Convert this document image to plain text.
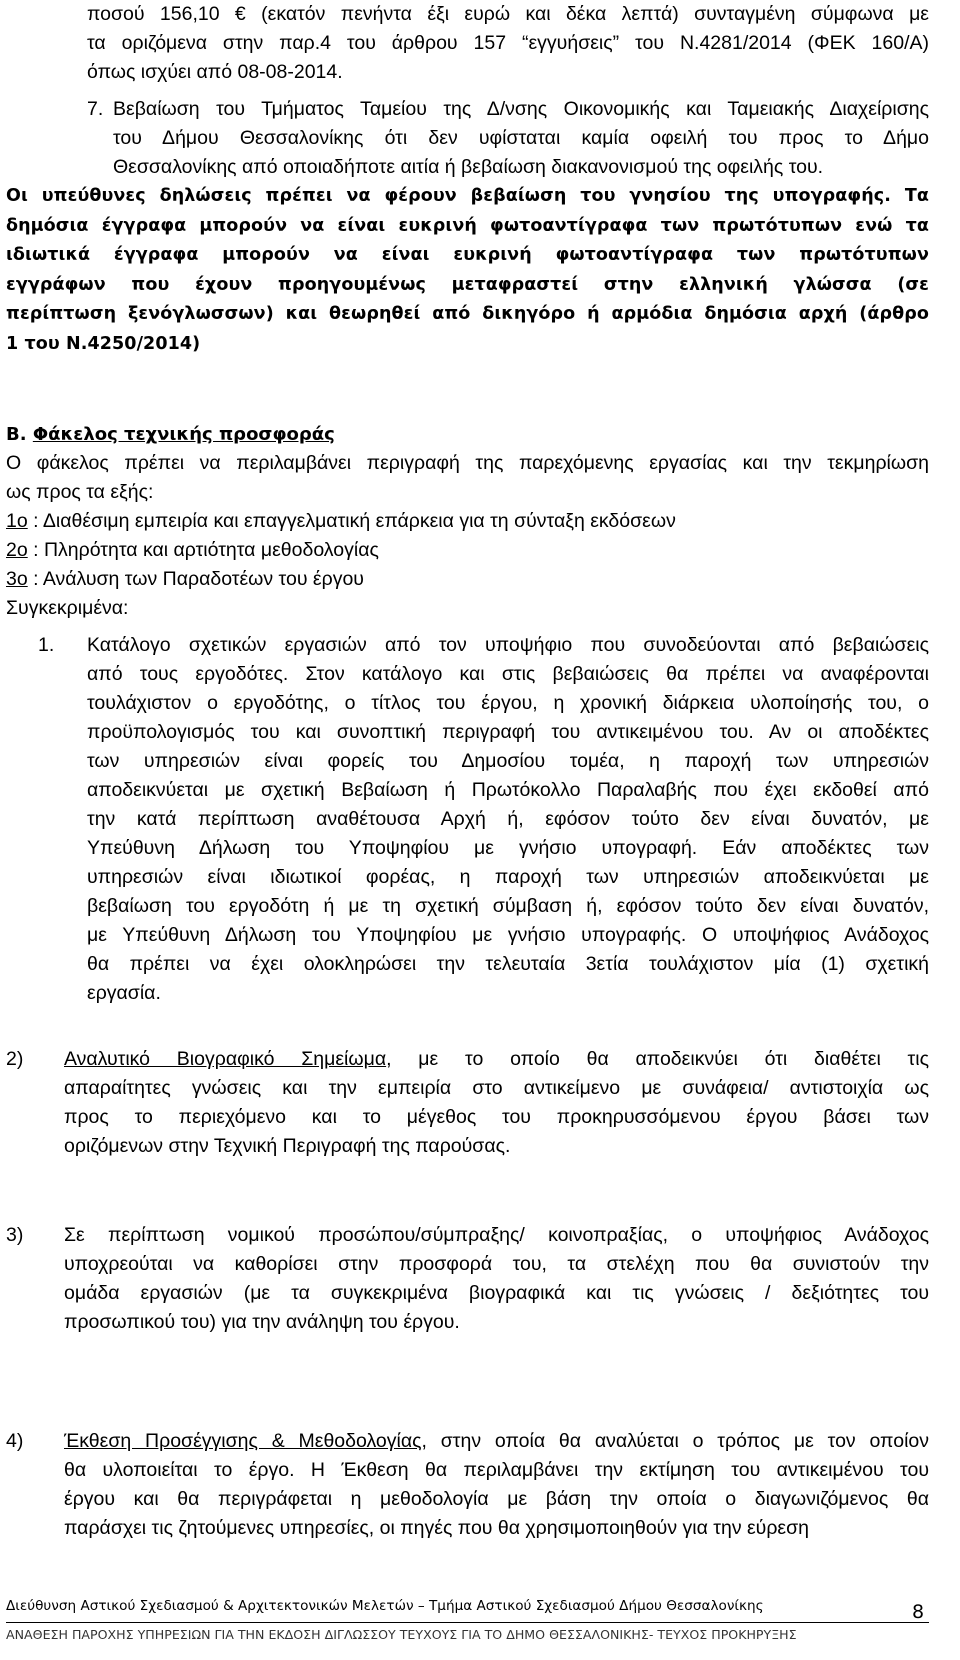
ποσού 156,10 € (εκατόν πενήντα έξι ευρώ και δέκα λεπτά) συνταγμένη σύμφωνα με
τα οριζόμενα στην παρ.4 του άρθρου 157 “εγγυήσεις” του Ν.4281/2014 (ΦΕΚ 160/Α)
όπως ισχύει από 08-08-2014.
7. Βεβαίωση του Τμήματος Ταμείου της Δ/νσης Οικονομικής και Ταμειακής Διαχείρισης
του Δήμου Θεσσαλονίκης ότι δεν υφίσταται καμία οφειλή του προς το Δήμο
Θεσσαλονίκης από οποιαδήποτε αιτία ή βεβαίωση διακανονισμού της οφειλής του.
Οι υπεύθυνες δηλώσεις πρέπει να φέρουν βεβαίωση του γνησίου της υπογραφής. Τα
δημόσια έγγραφα μπορούν να είναι ευκρινή φωτοαντίγραφα των πρωτότυπων ενώ τα
ιδιωτικά έγγραφα μπορούν να είναι ευκρινή φωτοαντίγραφα των πρωτότυπων
εγγράφων που έχουν προηγουμένως μεταφραστεί στην ελληνική γλώσσα (σε
περίπτωση ξενόγλωσσων) και θεωρηθεί από δικηγόρο ή αρμόδια δημόσια αρχή (άρθρο
1 του Ν.4250/2014)
Β. Φάκελος τεχνικής προσφοράς
Ο φάκελος πρέπει να περιλαμβάνει περιγραφή της παρεχόμενης εργασίας και την τεκμηρίωση
ως προς τα εξής:
1ο : Διαθέσιμη εμπειρία και επαγγελματική επάρκεια για τη σύνταξη εκδόσεων
2ο : Πληρότητα και αρτιότητα μεθοδολογίας
3ο : Ανάλυση των Παραδοτέων του έργου
Συγκεκριμένα:
1. Κατάλογο σχετικών εργασιών από τον υποψήφιο που συνοδεύονται από βεβαιώσεις
από τους εργοδότες. Στον κατάλογο και στις βεβαιώσεις θα πρέπει να αναφέρονται
τουλάχιστον ο εργοδότης, ο τίτλος του έργου, η χρονική διάρκεια υλοποίησής του, ο
προϋπολογισμός του και συνοπτική περιγραφή του αντικειμένου του. Αν οι αποδέκτες
των υπηρεσιών είναι φορείς του Δημοσίου τομέα, η παροχή των υπηρεσιών
αποδεικνύεται με σχετική Βεβαίωση ή Πρωτόκολλο Παραλαβής που έχει εκδοθεί από
την κατά περίπτωση αναθέτουσα Αρχή ή, εφόσον τούτο δεν είναι δυνατόν, με
Υπεύθυνη Δήλωση του Υποψηφίου με γνήσιο υπογραφή. Εάν αποδέκτες των
υπηρεσιών είναι ιδιωτικοί φορέας, η παροχή των υπηρεσιών αποδεικνύεται με
βεβαίωση του εργοδότη ή με τη σχετική σύμβαση ή, εφόσον τούτο δεν είναι δυνατόν,
με Υπεύθυνη Δήλωση του Υποψηφίου με γνήσιο υπογραφής. Ο υποψήφιος Ανάδοχος
θα πρέπει να έχει ολοκληρώσει την τελευταία 3ετία τουλάχιστον μία (1) σχετική
εργασία.
2) Αναλυτικό Βιογραφικό Σημείωμα, με το οποίο θα αποδεικνύει ότι διαθέτει τις
απαραίτητες γνώσεις και την εμπειρία στο αντικείμενο με συνάφεια/ αντιστοιχία ως
προς το περιεχόμενο και το μέγεθος του προκηρυσσόμενου έργου βάσει των
οριζόμενων στην Τεχνική Περιγραφή της παρούσας.
3) Σε περίπτωση νομικού προσώπου/σύμπραξης/ κοινοπραξίας, ο υποψήφιος Ανάδοχος
υποχρεούται να καθορίσει στην προσφορά του, τα στελέχη που θα συνιστούν την
ομάδα εργασιών (με τα συγκεκριμένα βιογραφικά και τις γνώσεις / δεξιότητες του
προσωπικού του) για την ανάληψη του έργου.
4) Έκθεση Προσέγγισης & Μεθοδολογίας, στην οποία θα αναλύεται ο τρόπος με τον οποίον
θα υλοποιείται το έργο. Η Έκθεση θα περιλαμβάνει την εκτίμηση του αντικειμένου του
έργου και θα περιγράφεται η μεθοδολογία με βάση την οποία ο διαγωνιζόμενος θα
παράσχει τις ζητούμενες υπηρεσίες, οι πηγές που θα χρησιμοποιηθούν για την εύρεση
Διεύθυνση Αστικού Σχεδιασμού & Αρχιτεκτονικών Μελετών – Τμήμα Αστικού Σχεδιασμού Δήμου Θεσσαλονίκης	8
ΑΝΑΘΕΣΗ ΠΑΡΟΧΗΣ ΥΠΗΡΕΣΙΩΝ ΓΙΑ ΤΗΝ ΕΚΔΟΣΗ ΔΙΓΛΩΣΣΟΥ ΤΕΥΧΟΥΣ ΓΙΑ ΤΟ ΔΗΜΟ ΘΕΣΣΑΛΟΝΙΚΗΣ- ΤΕΥΧΟΣ ΠΡΟΚΗΡΥΞΗΣ
